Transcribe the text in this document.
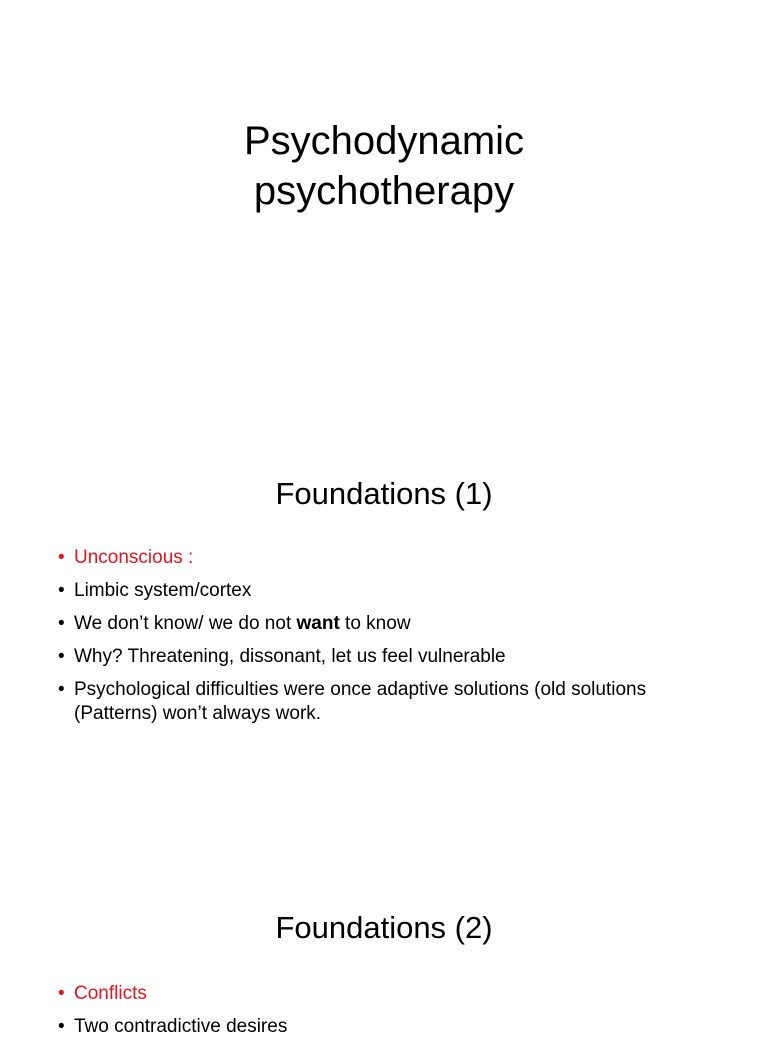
Psychodynamic
psychotherapy
Foundations (1)
• Unconscious :
• Limbic system/cortex
• We don’t know/ we do not want to know
• Why? Threatening, dissonant, let us feel vulnerable
• Psychological difficulties were once adaptive solutions (old solutions (Patterns) won’t always work.
Foundations (2)
• Conflicts
• Two contradictive desires
